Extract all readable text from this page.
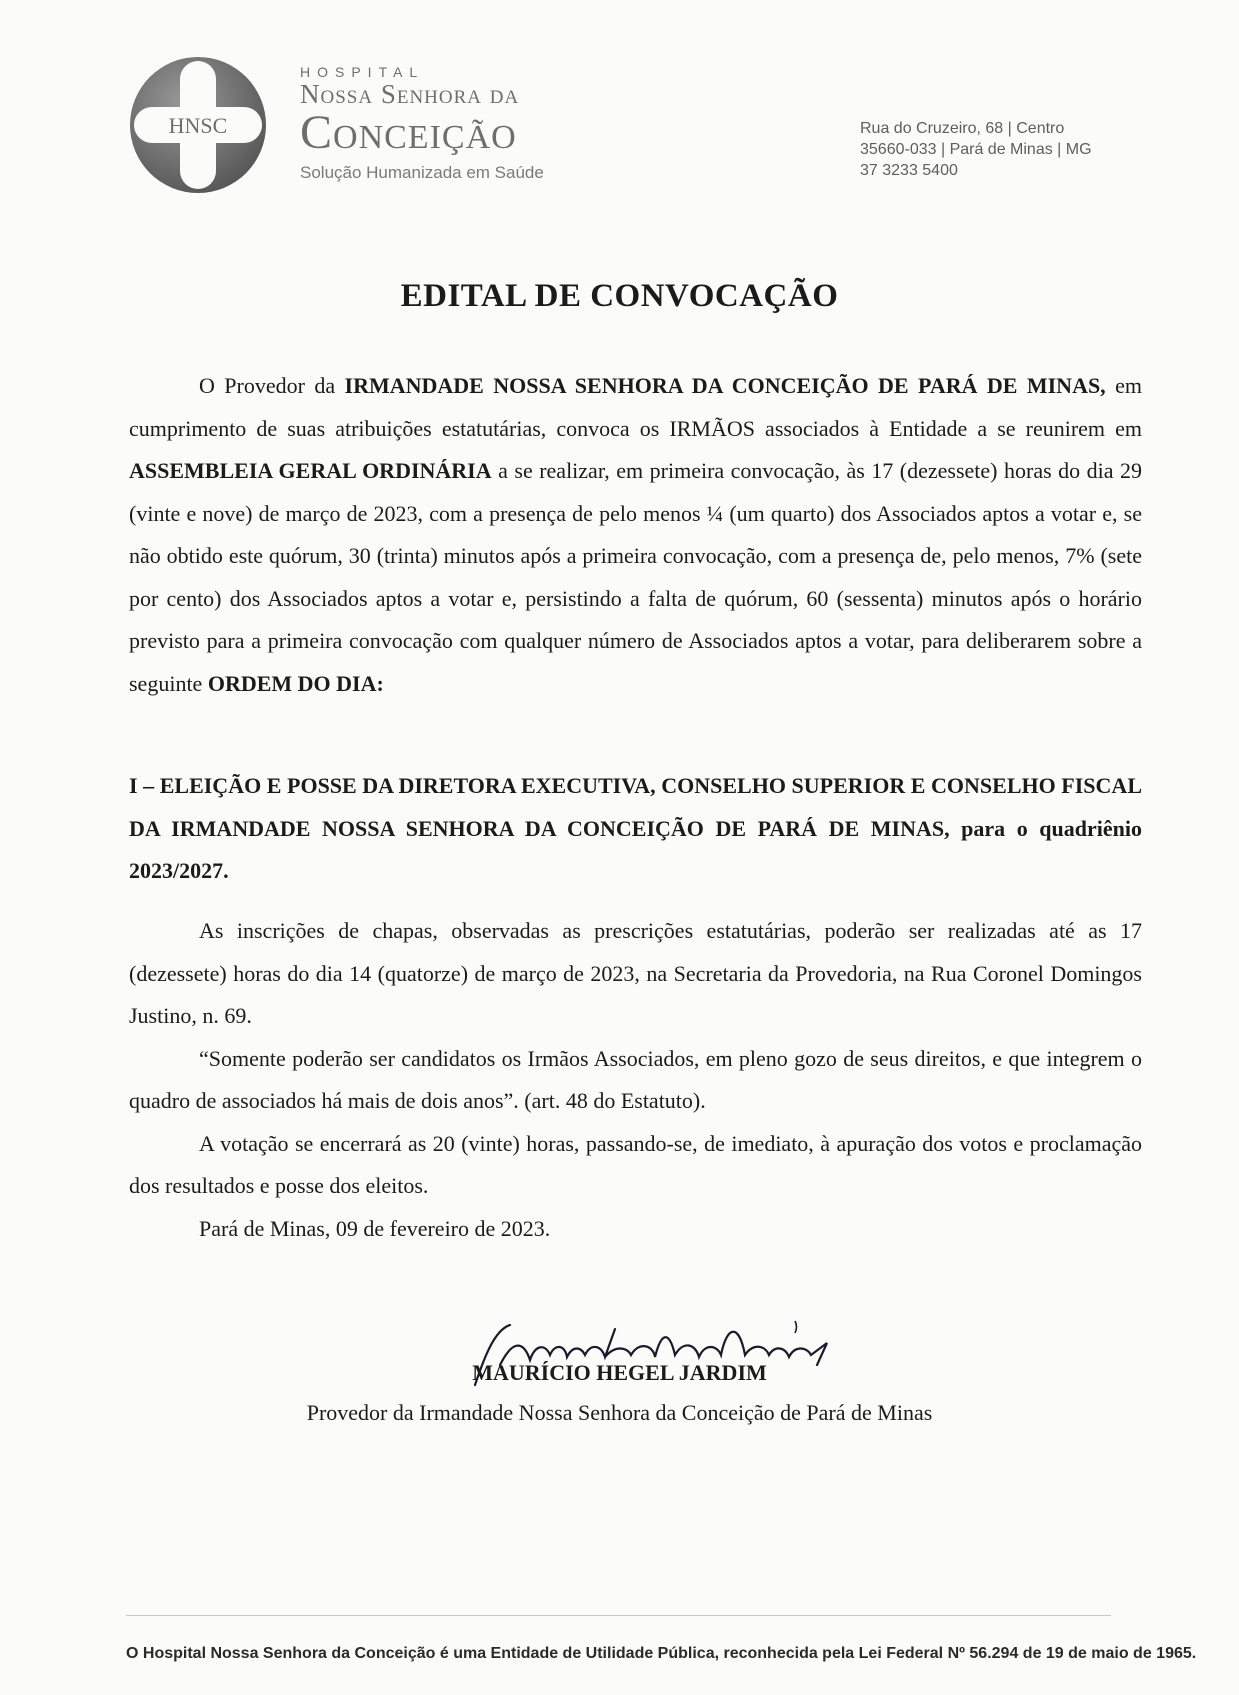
HNSC
HOSPITAL
Nossa Senhora da
Conceição
Solução Humanizada em Saúde
Rua do Cruzeiro, 68 | Centro
35660-033 | Pará de Minas | MG
37 3233 5400
EDITAL DE CONVOCAÇÃO

O Provedor da IRMANDADE NOSSA SENHORA DA CONCEIÇÃO DE PARÁ DE MINAS, em cumprimento de suas atribuições estatutárias, convoca os IRMÃOS associados à Entidade a se reunirem em ASSEMBLEIA GERAL ORDINÁRIA a se realizar, em primeira convocação, às 17 (dezessete) horas do dia 29 (vinte e nove) de março de 2023, com a presença de pelo menos ¼ (um quarto) dos Associados aptos a votar e, se não obtido este quórum, 30 (trinta) minutos após a primeira convocação, com a presença de, pelo menos, 7% (sete por cento) dos Associados aptos a votar e, persistindo a falta de quórum, 60 (sessenta) minutos após o horário previsto para a primeira convocação com qualquer número de Associados aptos a votar, para deliberarem sobre a seguinte ORDEM DO DIA:

I – ELEIÇÃO E POSSE DA DIRETORA EXECUTIVA, CONSELHO SUPERIOR E CONSELHO FISCAL DA IRMANDADE NOSSA SENHORA DA CONCEIÇÃO DE PARÁ DE MINAS, para o quadriênio 2023/2027.

As inscrições de chapas, observadas as prescrições estatutárias, poderão ser realizadas até as 17 (dezessete) horas do dia 14 (quatorze) de março de 2023, na Secretaria da Provedoria, na Rua Coronel Domingos Justino, n. 69.

“Somente poderão ser candidatos os Irmãos Associados, em pleno gozo de seus direitos, e que integrem o quadro de associados há mais de dois anos”. (art. 48 do Estatuto).

A votação se encerrará as 20 (vinte) horas, passando-se, de imediato, à apuração dos votos e proclamação dos resultados e posse dos eleitos.

Pará de Minas, 09 de fevereiro de 2023.

MAURÍCIO HEGEL JARDIM
Provedor da Irmandade Nossa Senhora da Conceição de Pará de Minas
O Hospital Nossa Senhora da Conceição é uma Entidade de Utilidade Pública, reconhecida pela Lei Federal Nº 56.294 de 19 de maio de 1965.
